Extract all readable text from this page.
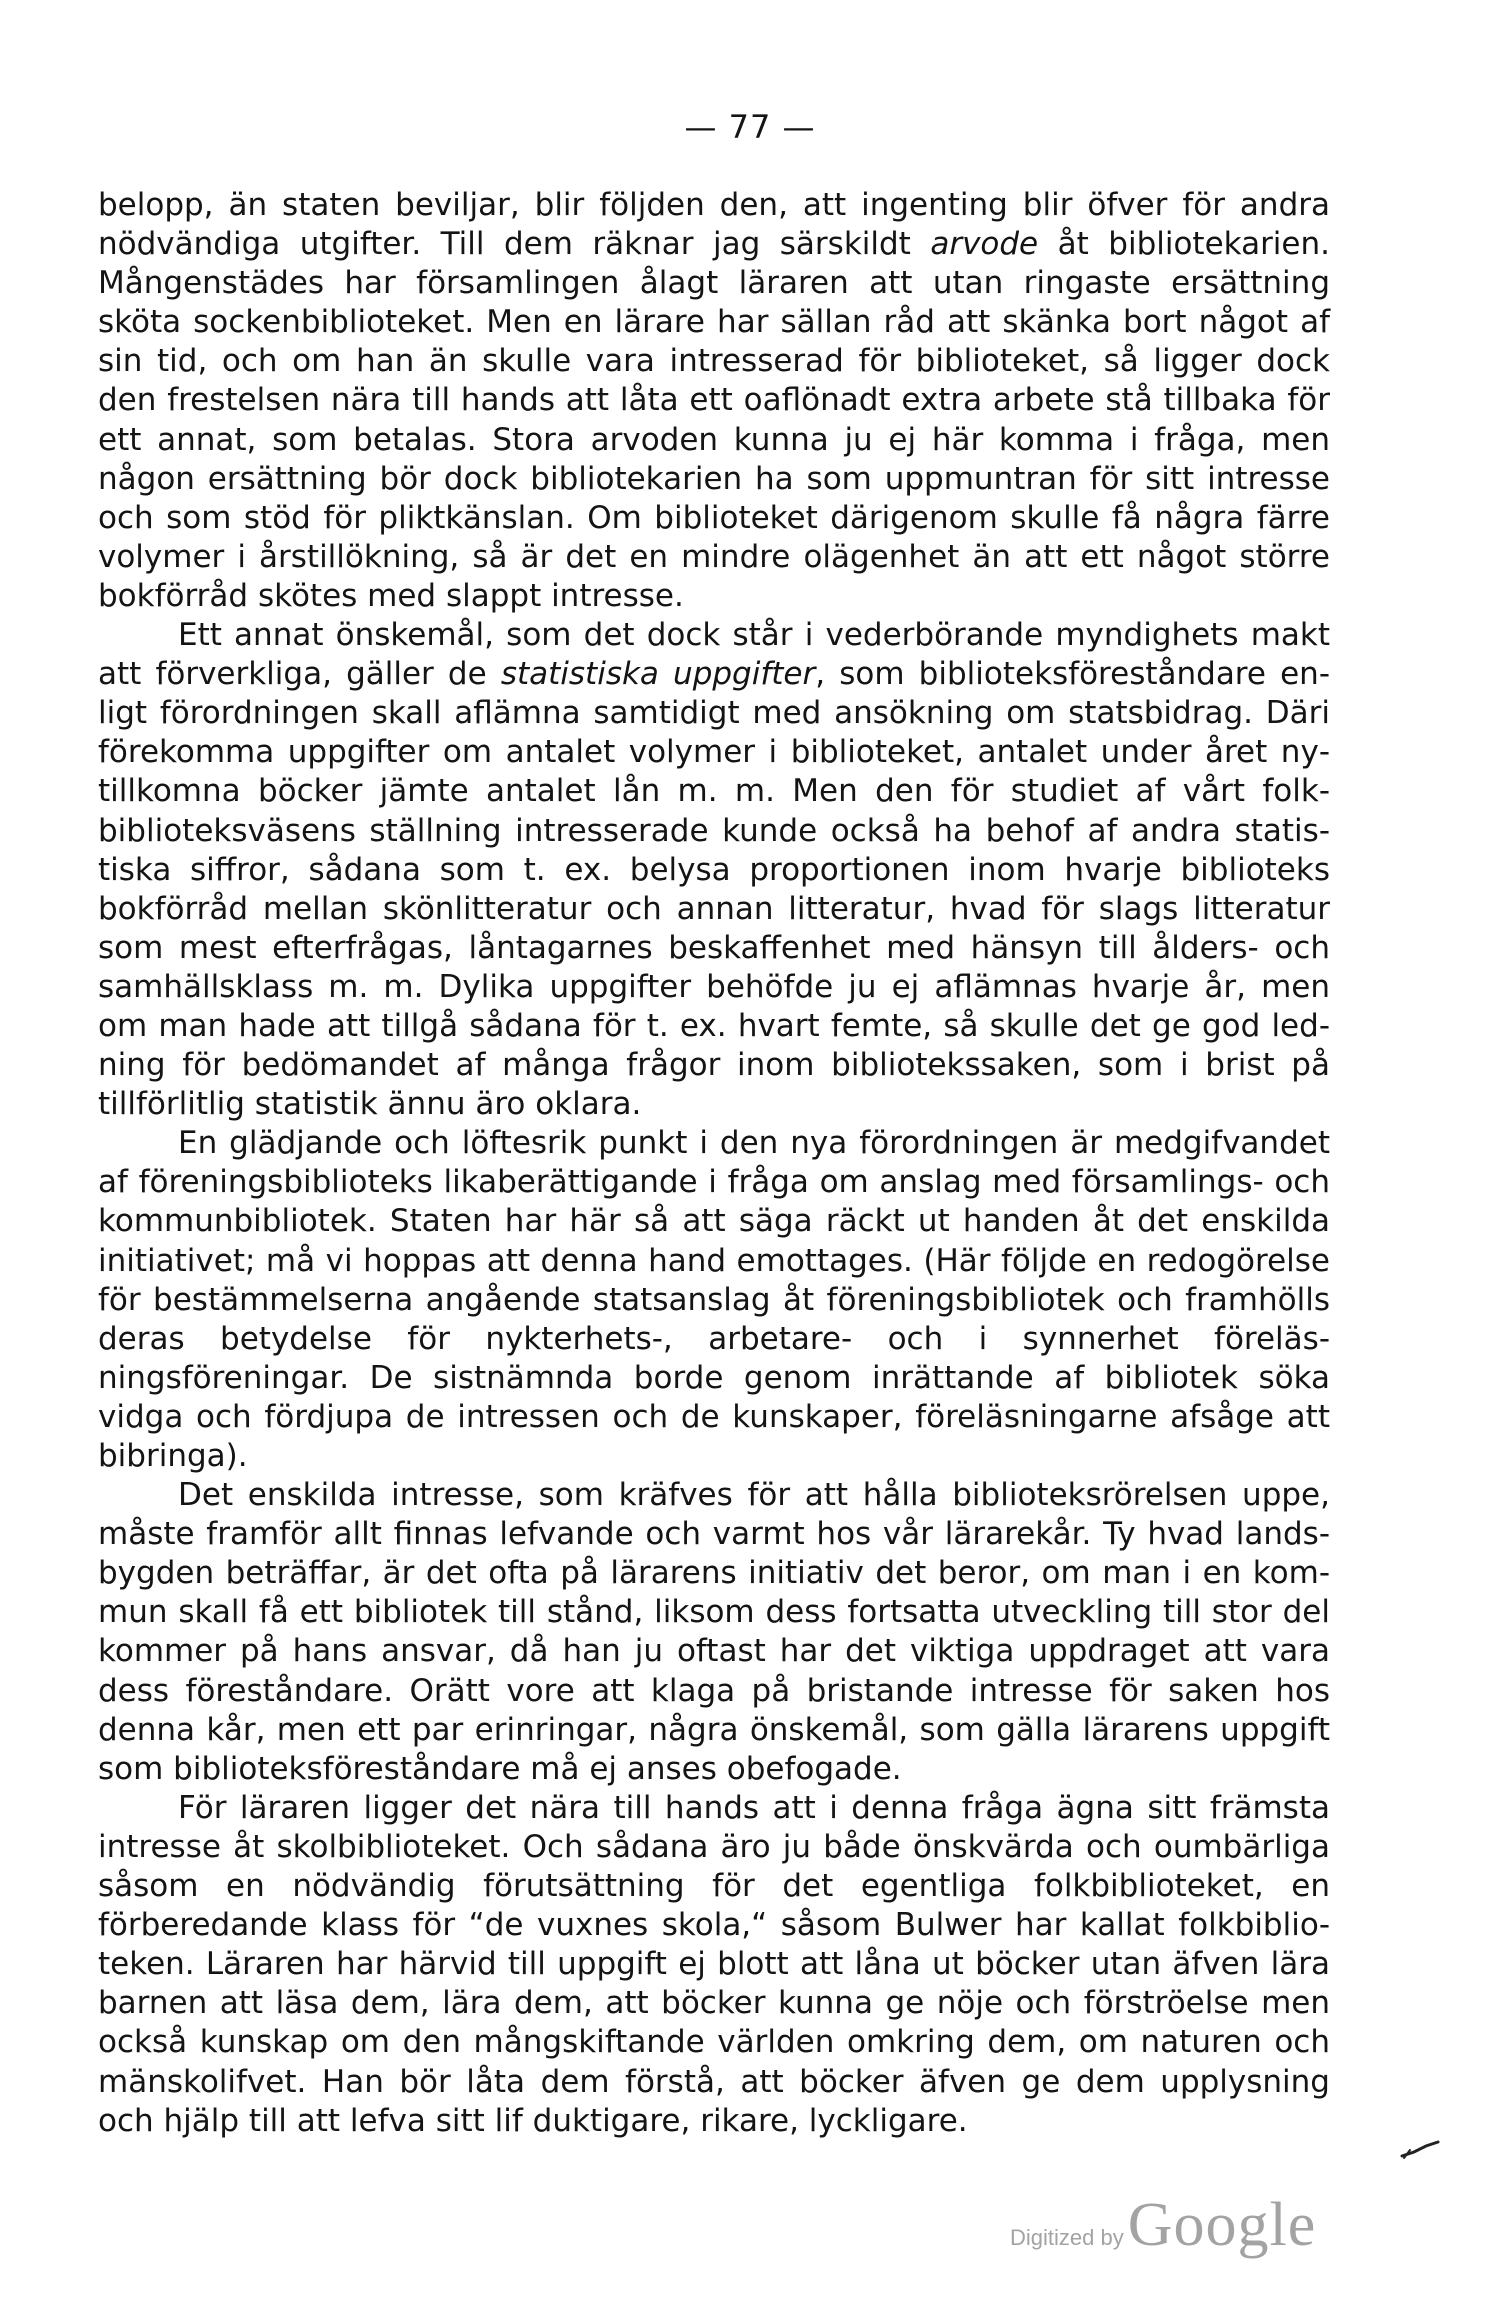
— 77 —

belopp, än staten beviljar, blir följden den, att ingenting blir öfver för andra nödvändiga utgifter. Till dem räknar jag särskildt arvode åt bibliotekarien. Mångenstädes har församlingen ålagt läraren att utan ringaste ersättning sköta sockenbiblioteket. Men en lärare har sällan råd att skänka bort något af sin tid, och om han än skulle vara intresserad för biblioteket, så ligger dock den frestelsen nära till hands att låta ett oaflönadt extra arbete stå tillbaka för ett annat, som betalas. Stora arvoden kunna ju ej här komma i fråga, men någon ersättning bör dock bibliotekarien ha som uppmuntran för sitt intresse och som stöd för pliktkänslan. Om biblioteket därigenom skulle få några färre volymer i årstillökning, så är det en mindre olägenhet än att ett något större bokförråd skötes med slappt intresse.

Ett annat önskemål, som det dock står i vederbörande myndighets makt att förverkliga, gäller de statistiska uppgifter, som biblioteksföreståndare enligt förordningen skall aflämna samtidigt med ansökning om statsbidrag. Däri förekomma uppgifter om antalet volymer i biblioteket, antalet under året nytillkomna böcker jämte antalet lån m. m. Men den för studiet af vårt folkbiblioteksväsens ställning intresserade kunde också ha behof af andra statistiska siffror, sådana som t. ex. belysa proportionen inom hvarje biblioteks bokförråd mellan skönlitteratur och annan litteratur, hvad för slags litteratur som mest efterfrågas, låntagarnes beskaffenhet med hänsyn till ålders- och samhällsklass m. m. Dylika uppgifter behöfde ju ej aflämnas hvarje år, men om man hade att tillgå sådana för t. ex. hvart femte, så skulle det ge god ledning för bedömandet af många frågor inom bibliotekssaken, som i brist på tillförlitlig statistik ännu äro oklara.

En glädjande och löftesrik punkt i den nya förordningen är medgifvandet af föreningsbiblioteks likaberättigande i fråga om anslag med församlings- och kommunbibliotek. Staten har här så att säga räckt ut handen åt det enskilda initiativet; må vi hoppas att denna hand emottages. (Här följde en redogörelse för bestämmelserna angående statsanslag åt föreningsbibliotek och framhölls deras betydelse för nykterhets-, arbetare- och i synnerhet föreläsningsföreningar. De sistnämnda borde genom inrättande af bibliotek söka vidga och fördjupa de intressen och de kunskaper, föreläsningarne afsåge att bibringa).

Det enskilda intresse, som kräfves för att hålla biblioteksrörelsen uppe, måste framför allt finnas lefvande och varmt hos vår lärarekår. Ty hvad landsbygden beträffar, är det ofta på lärarens initiativ det beror, om man i en kommun skall få ett bibliotek till stånd, liksom dess fortsatta utveckling till stor del kommer på hans ansvar, då han ju oftast har det viktiga uppdraget att vara dess föreståndare. Orätt vore att klaga på bristande intresse för saken hos denna kår, men ett par erinringar, några önskemål, som gälla lärarens uppgift som biblioteksföreståndare må ej anses obefogade.

För läraren ligger det nära till hands att i denna fråga ägna sitt främsta intresse åt skolbiblioteket. Och sådana äro ju både önskvärda och oumbärliga såsom en nödvändig förutsättning för det egentliga folkbiblioteket, en förberedande klass för “de vuxnes skola,“ såsom Bulwer har kallat folkbiblioteken. Läraren har härvid till uppgift ej blott att låna ut böcker utan äfven lära barnen att läsa dem, lära dem, att böcker kunna ge nöje och förströelse men också kunskap om den mångskiftande världen omkring dem, om naturen och mänskolifvet. Han bör låta dem förstå, att böcker äfven ge dem upplysning och hjälp till att lefva sitt lif duktigare, rikare, lyckligare.

Digitized by Google
